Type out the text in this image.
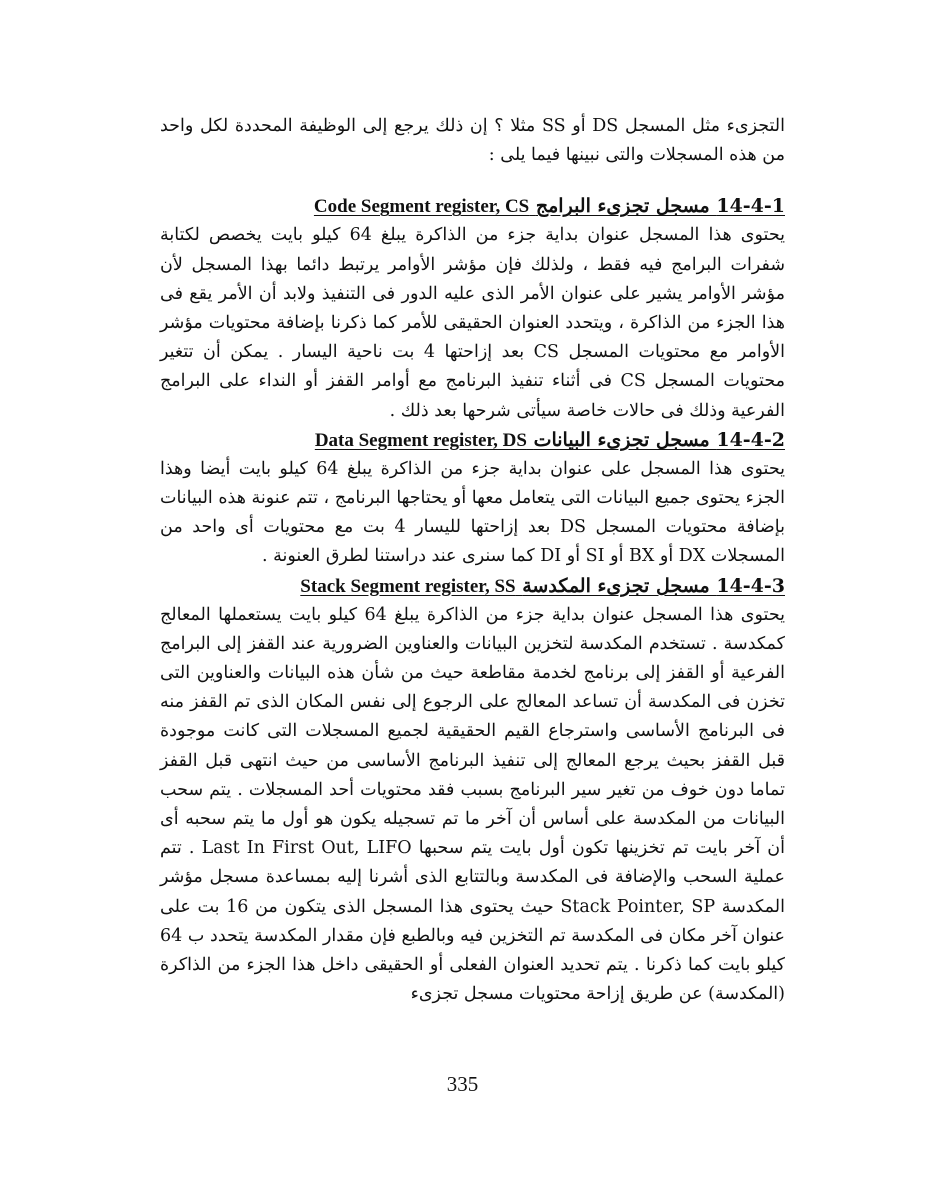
التجزىء مثل المسجل DS أو SS مثلا ؟ إن ذلك يرجع إلى الوظيفة المحددة لكل واحد من هذه المسجلات والتى نبينها فيما يلى :

14-4-1 مسجل تجزىء البرامج Code Segment register, CS

يحتوى هذا المسجل عنوان بداية جزء من الذاكرة يبلغ 64 كيلو بايت يخصص لكتابة شفرات البرامج فيه فقط ، ولذلك فإن مؤشر الأوامر يرتبط دائما بهذا المسجل لأن مؤشر الأوامر يشير على عنوان الأمر الذى عليه الدور فى التنفيذ ولابد أن الأمر يقع فى هذا الجزء من الذاكرة ، ويتحدد العنوان الحقيقى للأمر كما ذكرنا بإضافة محتويات مؤشر الأوامر مع محتويات المسجل CS بعد إزاحتها 4 بت ناحية اليسار . يمكن أن تتغير محتويات المسجل CS فى أثناء تنفيذ البرنامج مع أوامر القفز أو النداء على البرامج الفرعية وذلك فى حالات خاصة سيأتى شرحها بعد ذلك .

14-4-2 مسجل تجزىء البيانات Data Segment register, DS

يحتوى هذا المسجل على عنوان بداية جزء من الذاكرة يبلغ 64 كيلو بايت أيضا وهذا الجزء يحتوى جميع البيانات التى يتعامل معها أو يحتاجها البرنامج ، تتم عنونة هذه البيانات بإضافة محتويات المسجل DS بعد إزاحتها لليسار 4 بت مع محتويات أى واحد من المسجلات DX أو BX أو SI أو DI كما سنرى عند دراستنا لطرق العنونة .

14-4-3 مسجل تجزىء المكدسة Stack Segment register, SS

يحتوى هذا المسجل عنوان بداية جزء من الذاكرة يبلغ 64 كيلو بايت يستعملها المعالج كمكدسة . تستخدم المكدسة لتخزين البيانات والعناوين الضرورية عند القفز إلى البرامج الفرعية أو القفز إلى برنامج لخدمة مقاطعة حيث من شأن هذه البيانات والعناوين التى تخزن فى المكدسة أن تساعد المعالج على الرجوع إلى نفس المكان الذى تم القفز منه فى البرنامج الأساسى واسترجاع القيم الحقيقية لجميع المسجلات التى كانت موجودة قبل القفز بحيث يرجع المعالج إلى تنفيذ البرنامج الأساسى من حيث انتهى قبل القفز تماما دون خوف من تغير سير البرنامج بسبب فقد محتويات أحد المسجلات . يتم سحب البيانات من المكدسة على أساس أن آخر ما تم تسجيله يكون هو أول ما يتم سحبه أى أن آخر بايت تم تخزينها تكون أول بايت يتم سحبها Last In First Out, LIFO . تتم عملية السحب والإضافة فى المكدسة وبالتتابع الذى أشرنا إليه بمساعدة مسجل مؤشر المكدسة Stack Pointer, SP حيث يحتوى هذا المسجل الذى يتكون من 16 بت على عنوان آخر مكان فى المكدسة تم التخزين فيه وبالطبع فإن مقدار المكدسة يتحدد ب 64 كيلو بايت كما ذكرنا . يتم تحديد العنوان الفعلى أو الحقيقى داخل هذا الجزء من الذاكرة (المكدسة) عن طريق إزاحة محتويات مسجل تجزىء

335
